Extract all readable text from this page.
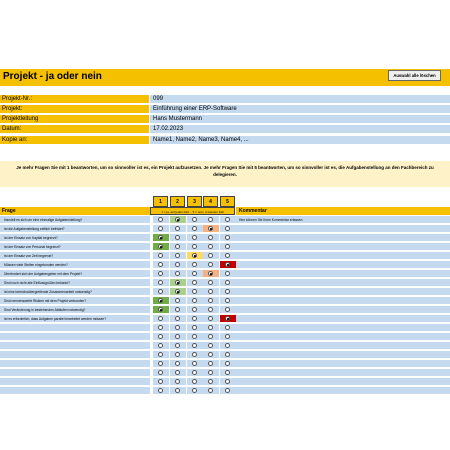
Projekt - ja oder nein	Auswahl alle löschen
Projekt-Nr.:	099
Projekt:	Einführung einer ERP-Software
Projektleitung	Hans Mustermann
Datum:	17.02.2023
Kopie an:	Name1, Name2, Name3, Name4, ...
Je mehr Fragen Sie mit 1 beantworten, um so sinnvoller ist es, ein Projekt aufzusetzen. Je mehr Fragen Sie mit 5 beantworten, um so sinnvoller ist es, die Aufgabenstellung an den Fachbereich zu delegieren.
1	2	3	4	5
Frage	1 = ja, auf jeden Fall ... 5 = nein, in keinem Fall	Kommentar
Handelt es sich um eine einmalige Aufgabenstellung?	Hier können Sie Ihren Kommentar erfassen
Ist die Aufgabenstellung zeitlich befristet?
Ist der Einsatz von Kapital begrenzt?
Ist der Einsatz von Personal begrenzt?
Ist der Einsatz von Zeit begrenzt?
Müssen viele Stellen eingebunden werden?
Überfordert sich der Aufgabengeber mit dem Projekt?
Sind noch nicht alle Einflussgrößen bekannt?
Ist eine bereichsübergreifende Zusammenarbeit notwendig?
Sind nennenswerte Risiken mit dem Projekt verbunden?
Sind Veränderung in bestehenden Abläufen notwendig?
Ist es erforderlich, dass Aufgaben parallel bearbeitet werden müssen?
